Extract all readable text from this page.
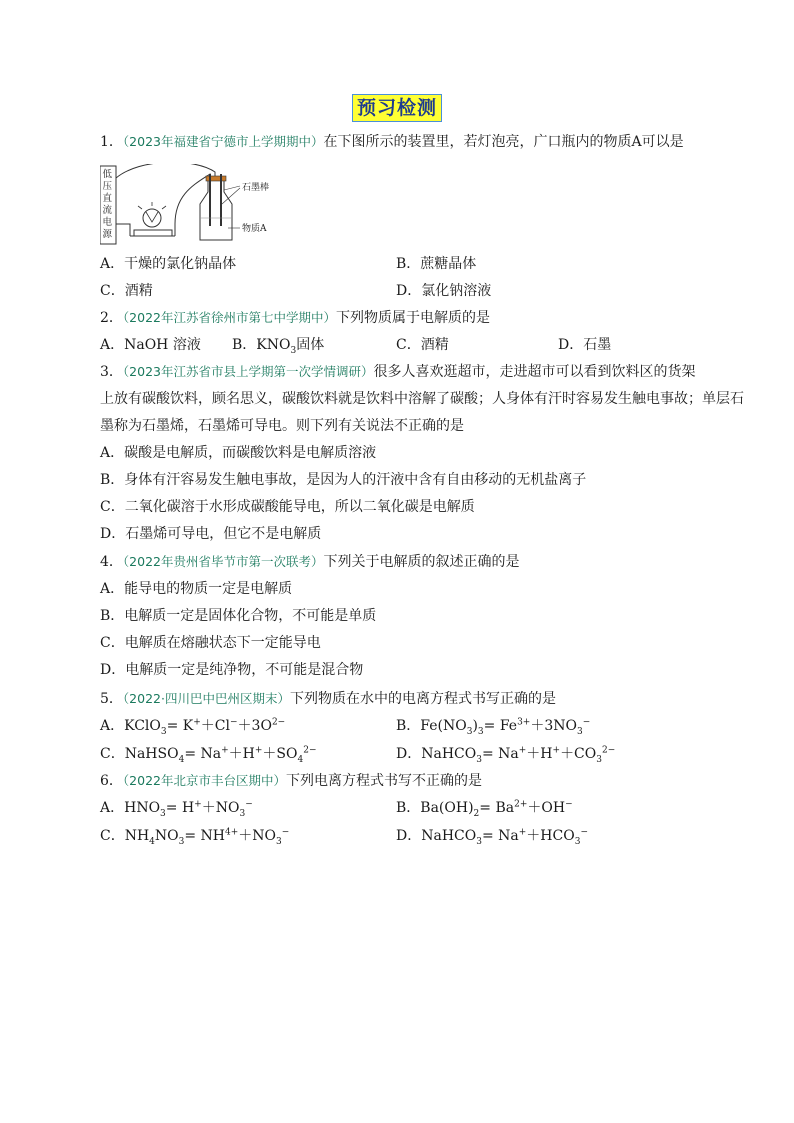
预习检测
1．（2023年福建省宁德市上学期期中）在下图所示的装置里，若灯泡亮，广口瓶内的物质A可以是
低
压
直
流
电
源
石墨棒
物质A
A．干燥的氯化钠晶体	B．蔗糖晶体
C．酒精	D．氯化钠溶液
2．（2022年江苏省徐州市第七中学期中）下列物质属于电解质的是
A．NaOH 溶液 B．$KNO_3$固体	C．酒精	D．石墨
3．（2023年江苏省市县上学期第一次学情调研）很多人喜欢逛超市，走进超市可以看到饮料区的货架
上放有碳酸饮料，顾名思义，碳酸饮料就是饮料中溶解了碳酸；人身体有汗时容易发生触电事故；单层石
墨称为石墨烯，石墨烯可导电。则下列有关说法不正确的是
A．碳酸是电解质，而碳酸饮料是电解质溶液
B．身体有汗容易发生触电事故，是因为人的汗液中含有自由移动的无机盐离子
C．二氧化碳溶于水形成碳酸能导电，所以二氧化碳是电解质
D．石墨烯可导电，但它不是电解质
4．（2022年贵州省毕节市第一次联考）下列关于电解质的叙述正确的是
A．能导电的物质一定是电解质
B．电解质一定是固体化合物，不可能是单质
C．电解质在熔融状态下一定能导电
D．电解质一定是纯净物，不可能是混合物
5．（2022·四川巴中巴州区期末）下列物质在水中的电离方程式书写正确的是
A．KClO$_3$= $K^++Cl^-+3O^{2-}$	B．$Fe(NO_3)_3= Fe^{3+}+3NO_3^-$
C．NaHSO$_4$= $Na^++H^++SO_4^{2-}$	D．NaHCO$_3$= $Na^++H^++CO_3^{2-}$
6．（2022年北京市丰台区期中）下列电离方程式书写不正确的是
A．$HNO_3= H^++NO_3^-$	B．$Ba(OH)_2= Ba^{2+}+OH^-$
C．$NH_4NO_3= NH^{4+}+NO_3^-$	D．NaHCO$_3$= $Na^++HCO_3^-$
